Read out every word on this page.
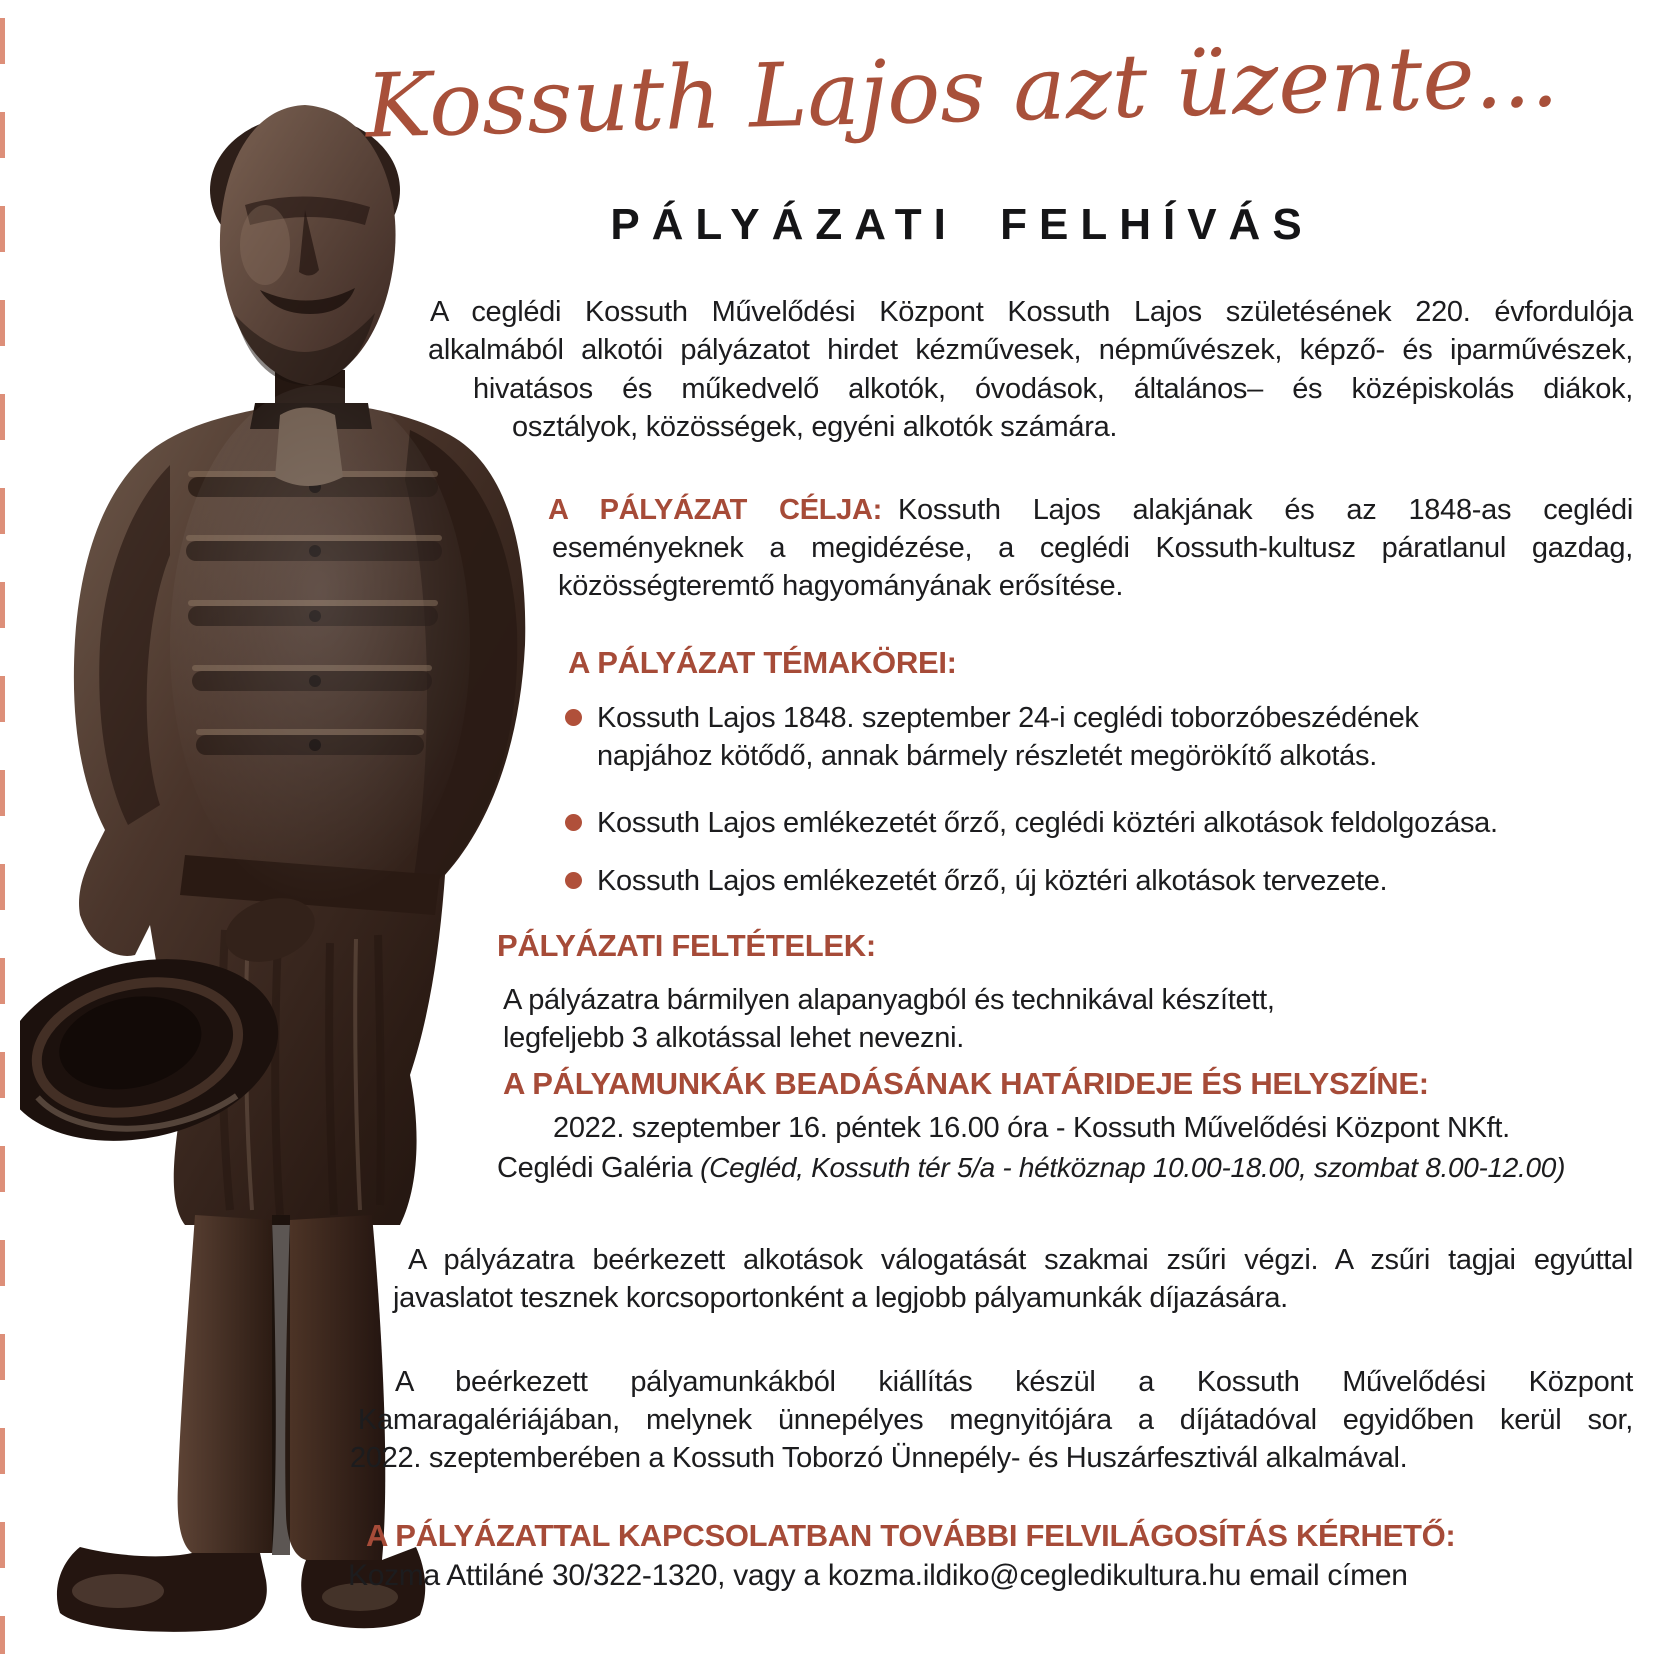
Kossuth Lajos azt üzente...
PÁLYÁZATI FELHÍVÁS
A ceglédi Kossuth Művelődési Központ Kossuth Lajos születésének 220. évfordulója
alkalmából alkotói pályázatot hirdet kézművesek, népművészek, képző- és iparművészek,
hivatásos és műkedvelő alkotók, óvodások, általános– és középiskolás diákok,
osztályok, közösségek, egyéni alkotók számára.
A PÁLYÁZAT CÉLJA: Kossuth Lajos alakjának és az 1848-as ceglédi
eseményeknek a megidézése, a ceglédi Kossuth-kultusz páratlanul gazdag,
közösségteremtő hagyományának erősítése.
A PÁLYÁZAT TÉMAKÖREI:
Kossuth Lajos 1848. szeptember 24-i ceglédi toborzóbeszédének
napjához kötődő, annak bármely részletét megörökítő alkotás.
Kossuth Lajos emlékezetét őrző, ceglédi köztéri alkotások feldolgozása.
Kossuth Lajos emlékezetét őrző, új köztéri alkotások tervezete.
PÁLYÁZATI FELTÉTELEK:
A pályázatra bármilyen alapanyagból és technikával készített,
legfeljebb 3 alkotással lehet nevezni.
A PÁLYAMUNKÁK BEADÁSÁNAK HATÁRIDEJE ÉS HELYSZÍNE:
2022. szeptember 16. péntek 16.00 óra - Kossuth Művelődési Központ NKft.
Ceglédi Galéria (Cegléd, Kossuth tér 5/a - hétköznap 10.00-18.00, szombat 8.00-12.00)
A pályázatra beérkezett alkotások válogatását szakmai zsűri végzi. A zsűri tagjai egyúttal
javaslatot tesznek korcsoportonként a legjobb pályamunkák díjazására.
A beérkezett pályamunkákból kiállítás készül a Kossuth Művelődési Központ
Kamaragalériájában, melynek ünnepélyes megnyitójára a díjátadóval egyidőben kerül sor,
2022. szeptemberében a Kossuth Toborzó Ünnepély- és Huszárfesztivál alkalmával.
A PÁLYÁZATTAL KAPCSOLATBAN TOVÁBBI FELVILÁGOSÍTÁS KÉRHETŐ:
Kozma Attiláné 30/322-1320, vagy a kozma.ildiko@cegledikultura.hu email címen
